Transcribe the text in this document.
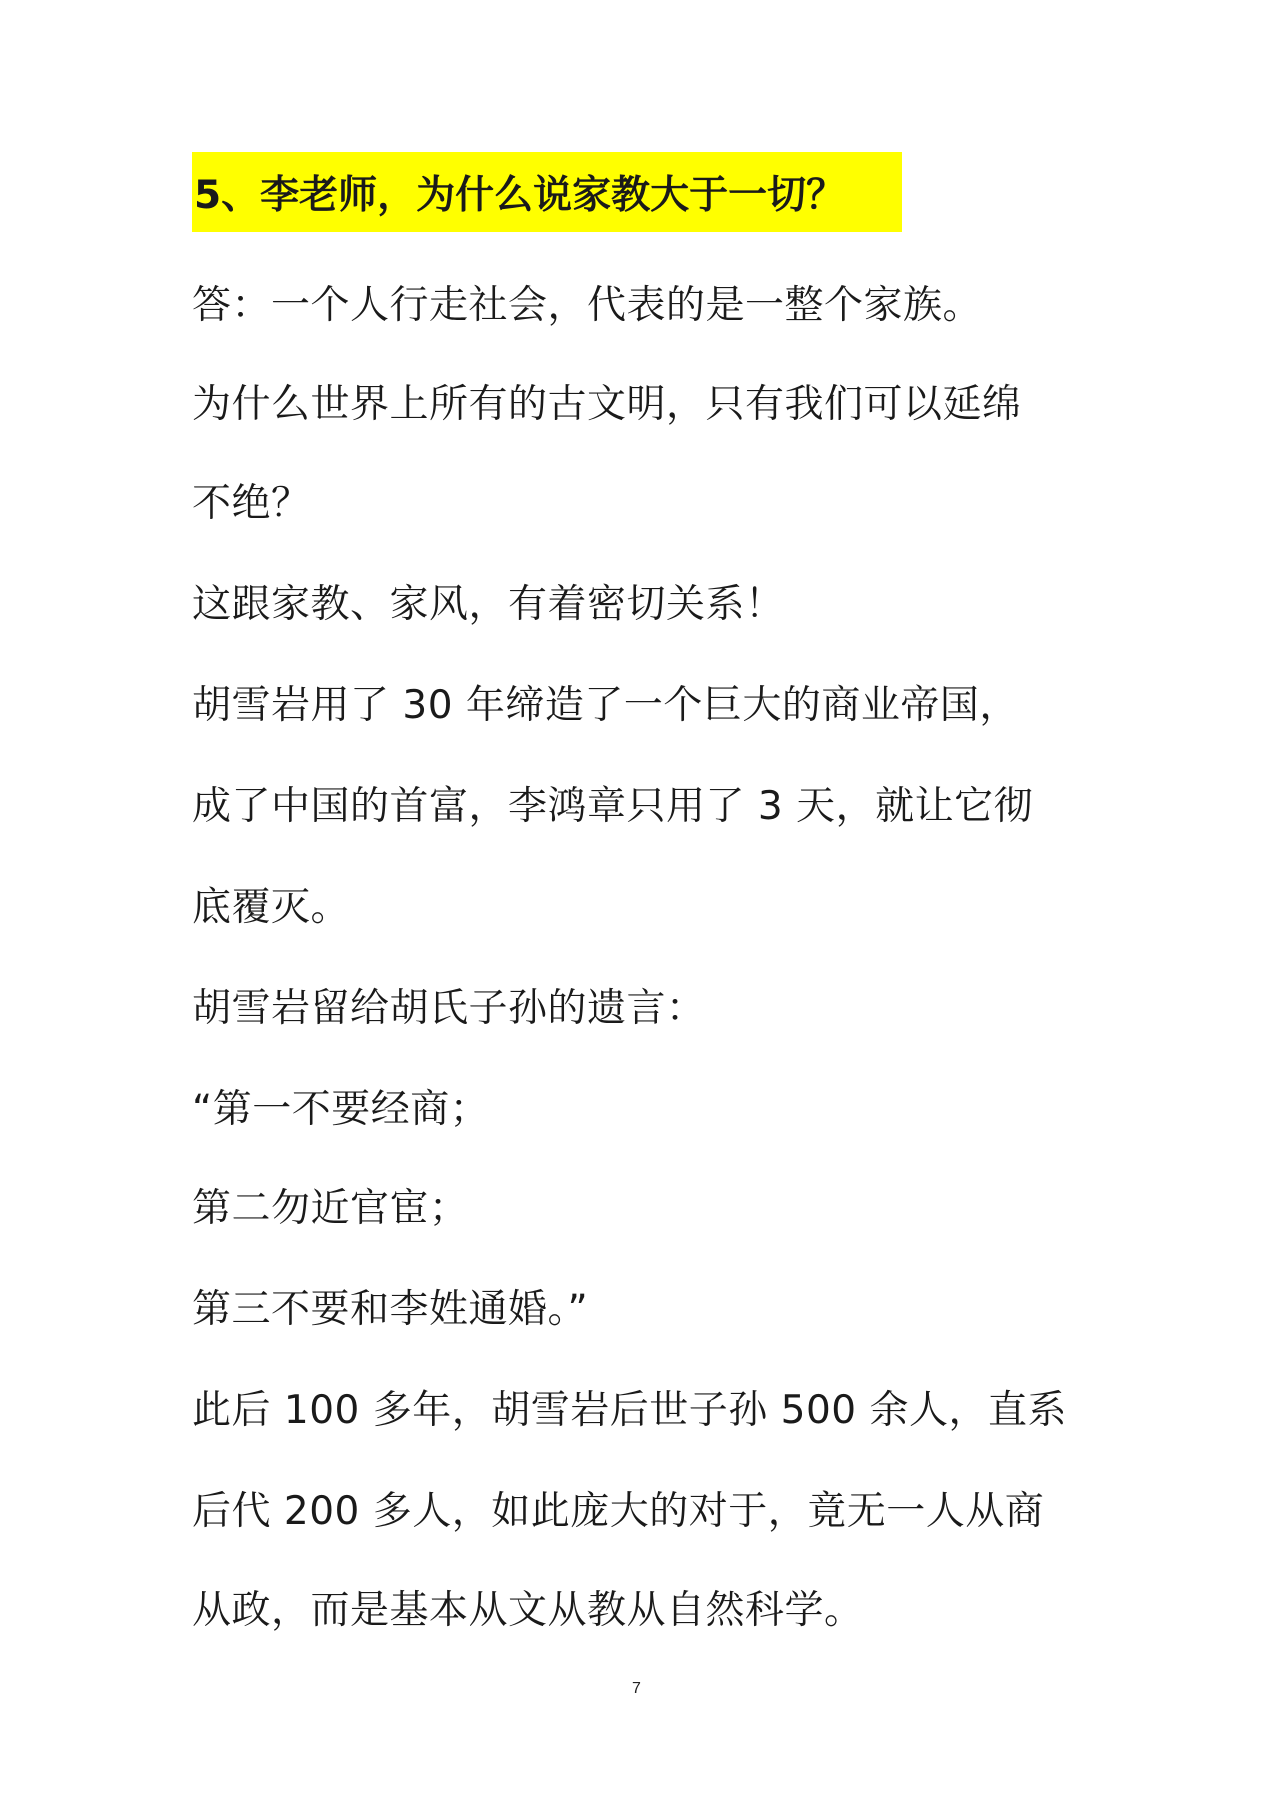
5、李老师，为什么说家教大于一切？
答：一个人行走社会，代表的是一整个家族。
为什么世界上所有的古文明，只有我们可以延绵
不绝？
这跟家教、家风，有着密切关系！
胡雪岩用了 30 年缔造了一个巨大的商业帝国，
成了中国的首富，李鸿章只用了 3 天，就让它彻
底覆灭。
胡雪岩留给胡氏子孙的遗言：
“第一不要经商；
第二勿近官宦；
第三不要和李姓通婚。”
此后 100 多年，胡雪岩后世子孙 500 余人，直系
后代 200 多人，如此庞大的对于，竟无一人从商
从政，而是基本从文从教从自然科学。
7
